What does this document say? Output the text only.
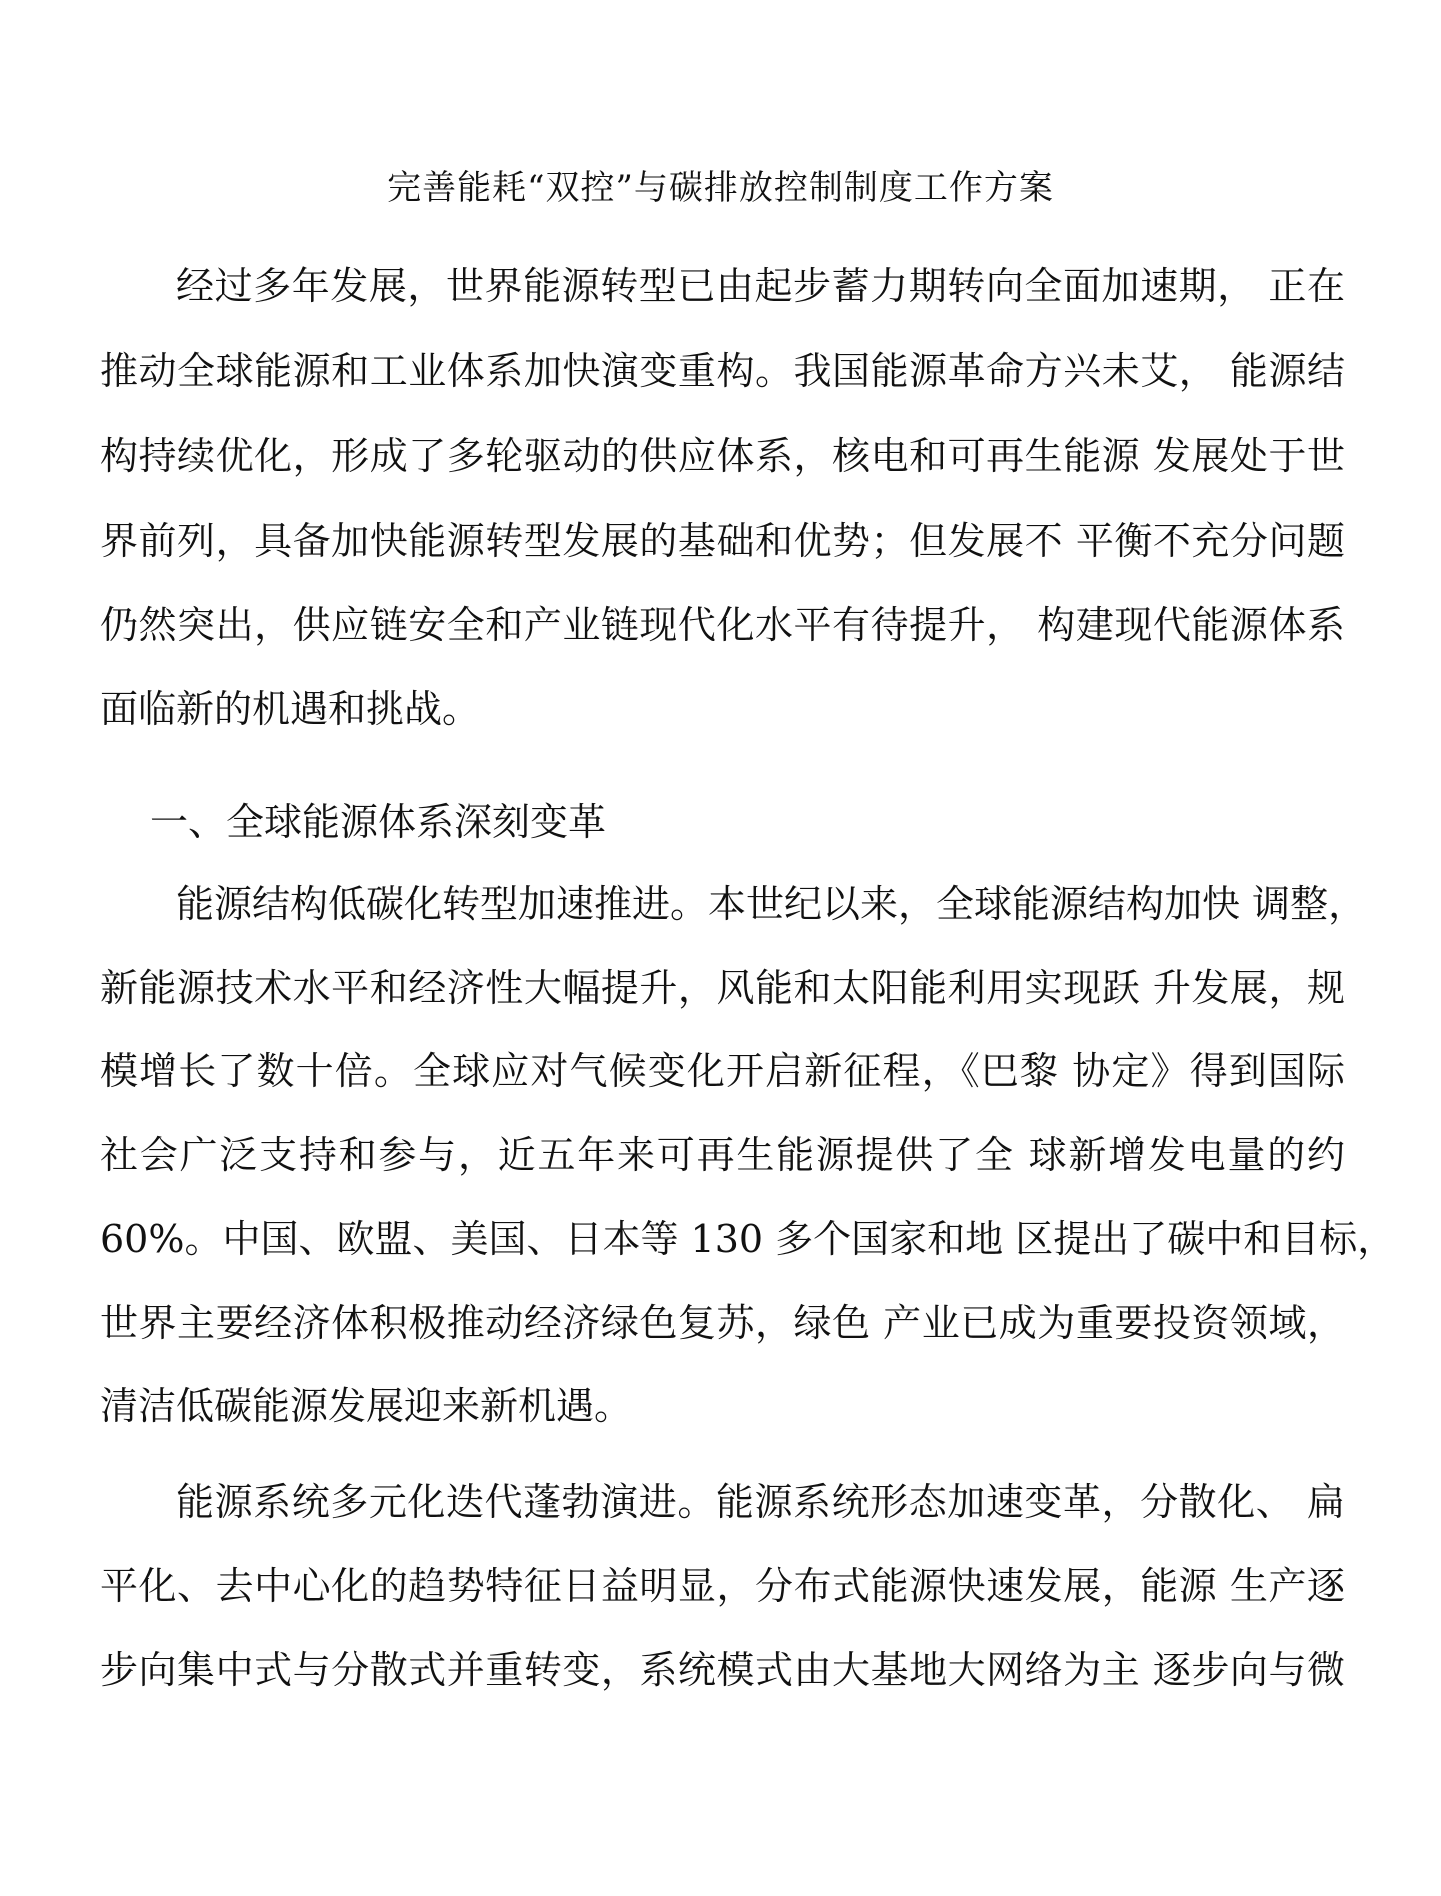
完善能耗“双控”与碳排放控制制度工作方案
经过多年发展，世界能源转型已由起步蓄力期转向全面加速期， 正在
推动全球能源和工业体系加快演变重构。我国能源革命方兴未艾， 能源结
构持续优化，形成了多轮驱动的供应体系，核电和可再生能源 发展处于世
界前列，具备加快能源转型发展的基础和优势；但发展不 平衡不充分问题
仍然突出，供应链安全和产业链现代化水平有待提升， 构建现代能源体系
面临新的机遇和挑战。
一、全球能源体系深刻变革
能源结构低碳化转型加速推进。本世纪以来，全球能源结构加快 调整，
新能源技术水平和经济性大幅提升，风能和太阳能利用实现跃 升发展，规
模增长了数十倍。全球应对气候变化开启新征程，《巴黎 协定》得到国际
社会广泛支持和参与，近五年来可再生能源提供了全 球新增发电量的约
60%。中国、欧盟、美国、日本等 130 多个国家和地 区提出了碳中和目标，
世界主要经济体积极推动经济绿色复苏，绿色 产业已成为重要投资领域，
清洁低碳能源发展迎来新机遇。
能源系统多元化迭代蓬勃演进。能源系统形态加速变革，分散化、 扁
平化、去中心化的趋势特征日益明显，分布式能源快速发展，能源 生产逐
步向集中式与分散式并重转变，系统模式由大基地大网络为主 逐步向与微
